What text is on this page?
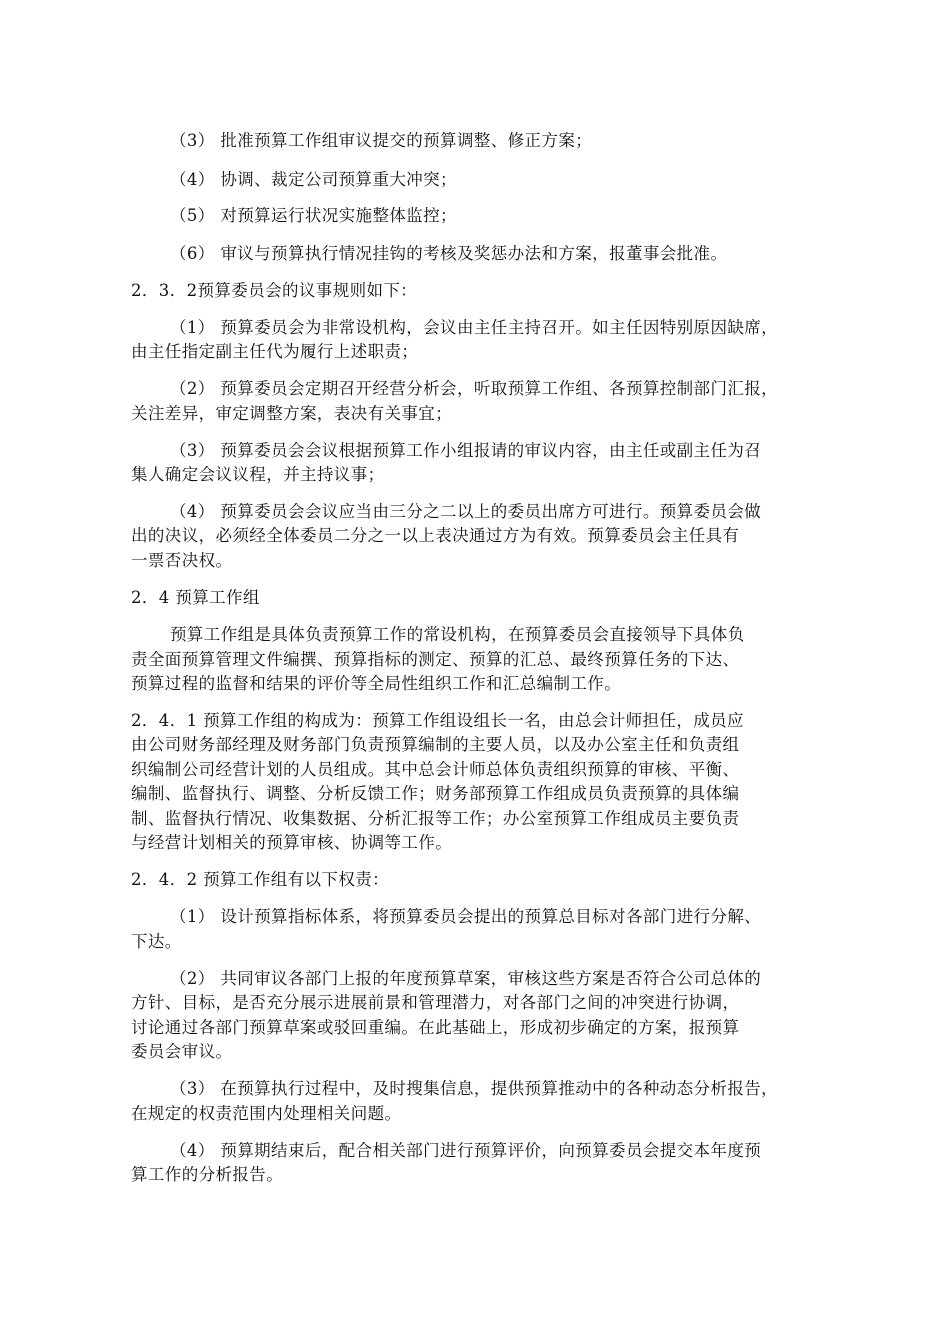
（3） 批准预算工作组审议提交的预算调整、修正方案；
（4） 协调、裁定公司预算重大冲突；
（5） 对预算运行状况实施整体监控；
（6） 审议与预算执行情况挂钩的考核及奖惩办法和方案，报董事会批准。
2．3．2预算委员会的议事规则如下：
（1） 预算委员会为非常设机构，会议由主任主持召开。如主任因特别原因缺席，
由主任指定副主任代为履行上述职责；
（2） 预算委员会定期召开经营分析会，听取预算工作组、各预算控制部门汇报，
关注差异，审定调整方案，表决有关事宜；
（3） 预算委员会会议根据预算工作小组报请的审议内容，由主任或副主任为召
集人确定会议议程，并主持议事；
（4） 预算委员会会议应当由三分之二以上的委员出席方可进行。预算委员会做
出的决议，必须经全体委员二分之一以上表决通过方为有效。预算委员会主任具有
一票否决权。
2．4 预算工作组
预算工作组是具体负责预算工作的常设机构，在预算委员会直接领导下具体负
责全面预算管理文件编撰、预算指标的测定、预算的汇总、最终预算任务的下达、
预算过程的监督和结果的评价等全局性组织工作和汇总编制工作。
2．4．1 预算工作组的构成为：预算工作组设组长一名，由总会计师担任，成员应
由公司财务部经理及财务部门负责预算编制的主要人员，以及办公室主任和负责组
织编制公司经营计划的人员组成。其中总会计师总体负责组织预算的审核、平衡、
编制、监督执行、调整、分析反馈工作；财务部预算工作组成员负责预算的具体编
制、监督执行情况、收集数据、分析汇报等工作；办公室预算工作组成员主要负责
与经营计划相关的预算审核、协调等工作。
2．4．2 预算工作组有以下权责：
（1） 设计预算指标体系，将预算委员会提出的预算总目标对各部门进行分解、
下达。
（2） 共同审议各部门上报的年度预算草案，审核这些方案是否符合公司总体的
方针、目标，是否充分展示进展前景和管理潜力，对各部门之间的冲突进行协调，
讨论通过各部门预算草案或驳回重编。在此基础上，形成初步确定的方案，报预算
委员会审议。
（3） 在预算执行过程中，及时搜集信息，提供预算推动中的各种动态分析报告，
在规定的权责范围内处理相关问题。
（4） 预算期结束后，配合相关部门进行预算评价，向预算委员会提交本年度预
算工作的分析报告。
